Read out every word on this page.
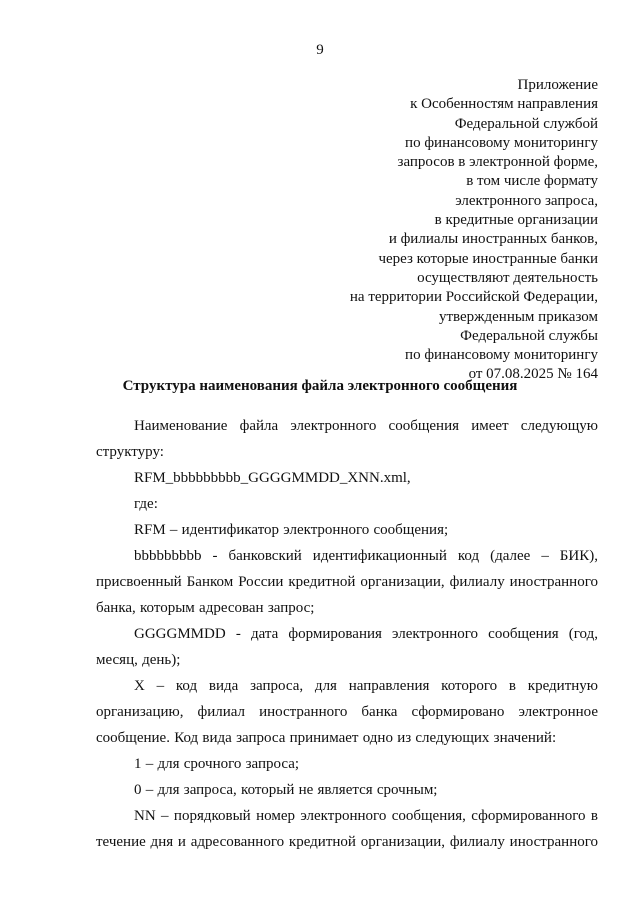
9
Приложение
к Особенностям направления
Федеральной службой
по финансовому мониторингу
запросов в электронной форме,
в том числе формату
электронного запроса,
в кредитные организации
и филиалы иностранных банков,
через которые иностранные банки
осуществляют деятельность
на территории Российской Федерации,
утвержденным приказом
Федеральной службы
по финансовому мониторингу
от 07.08.2025 № 164
Структура наименования файла электронного сообщения

Наименование файла электронного сообщения имеет следующую структуру:

RFM_bbbbbbbbb_GGGGMMDD_XNN.xml,

где:

RFM – идентификатор электронного сообщения;

bbbbbbbbb - банковский идентификационный код (далее – БИК), присвоенный Банком России кредитной организации, филиалу иностранного банка, которым адресован запрос;

GGGGMMDD - дата формирования электронного сообщения (год, месяц, день);

X – код вида запроса, для направления которого в кредитную организацию, филиал иностранного банка сформировано электронное сообщение. Код вида запроса принимает одно из следующих значений:

1 – для срочного запроса;

0 – для запроса, который не является срочным;

NN – порядковый номер электронного сообщения, сформированного в течение дня и адресованного кредитной организации, филиалу иностранного
